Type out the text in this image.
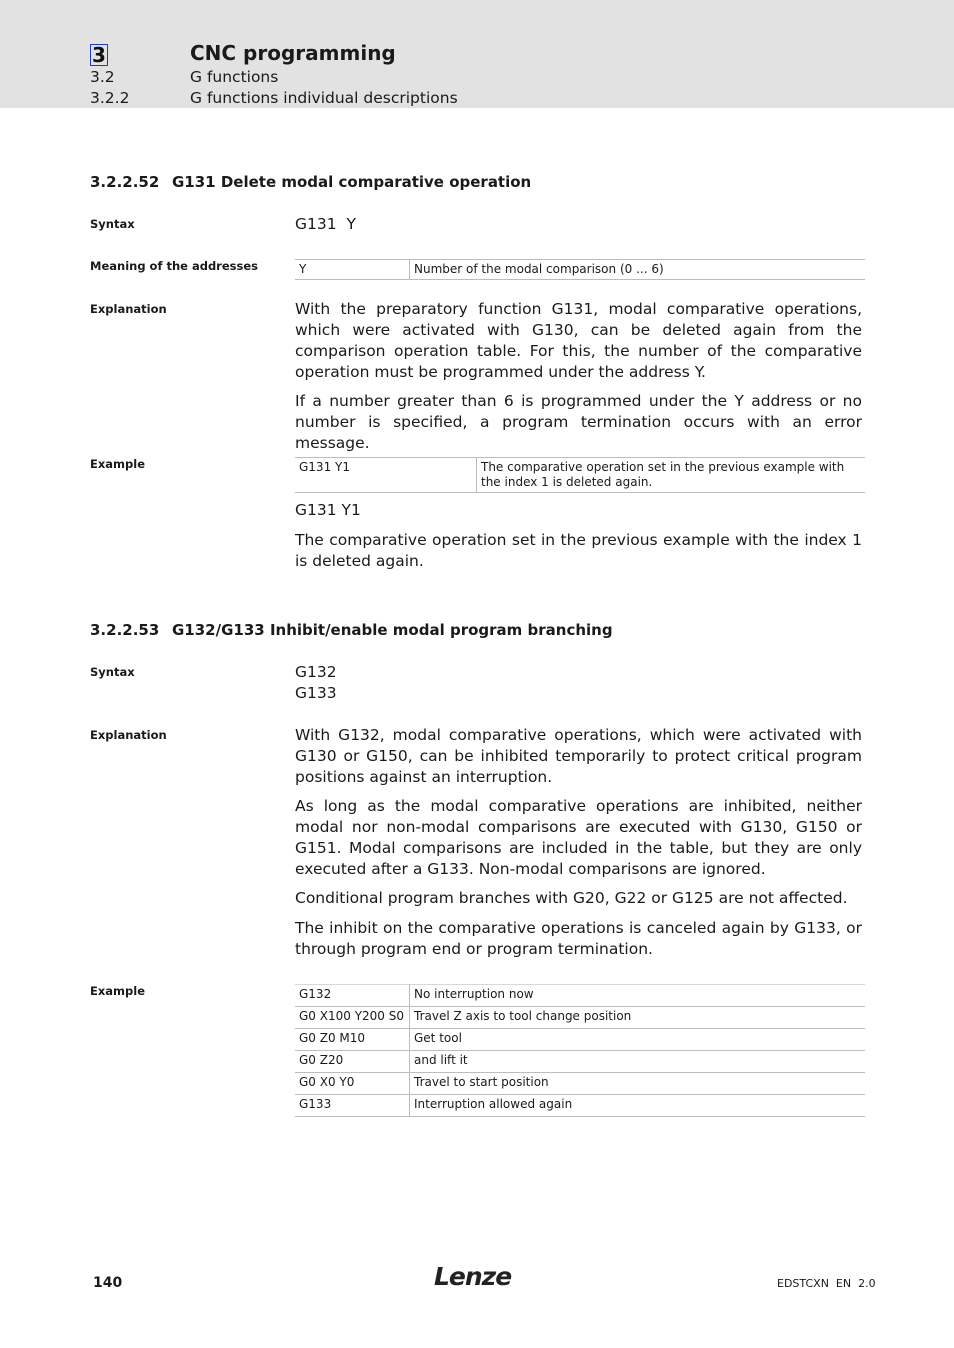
3	CNC programming
3.2	G functions
3.2.2	G functions individual descriptions
3.2.2.52 G131 Delete modal comparative operation
Syntax	G131  Y
Meaning of the addresses	Y	Number of the modal comparison (0 ... 6)
Explanation	With the preparatory function G131, modal comparative operations, which were activated with G130, can be deleted again from the comparison operation table. For this, the number of the comparative operation must be programmed under the address Y.

If a number greater than 6 is programmed under the Y address or no number is specified, a program termination occurs with an error message.

Example	G131 Y1	The comparative operation set in the previous example with the index 1 is deleted again.
G131 Y1

The comparative operation set in the previous example with the index 1 is deleted again.

3.2.2.53 G132/G133 Inhibit/enable modal program branching
Syntax	G132
G133
Explanation	With G132, modal comparative operations, which were activated with G130 or G150, can be inhibited temporarily to protect critical program positions against an interruption.

As long as the modal comparative operations are inhibited, neither modal nor non-modal comparisons are executed with G130, G150 or G151. Modal comparisons are included in the table, but they are only executed after a G133. Non-modal comparisons are ignored.

Conditional program branches with G20, G22 or G125 are not affected.

The inhibit on the comparative operations is canceled again by G133, or through program end or program termination.

Example	G132	No interruption now
G0 X100 Y200 S0	Travel Z axis to tool change position
G0 Z0 M10	Get tool
G0 Z20	and lift it
G0 X0 Y0	Travel to start position
G133	Interruption allowed again
140	Lenze	EDSTCXN  EN  2.0
